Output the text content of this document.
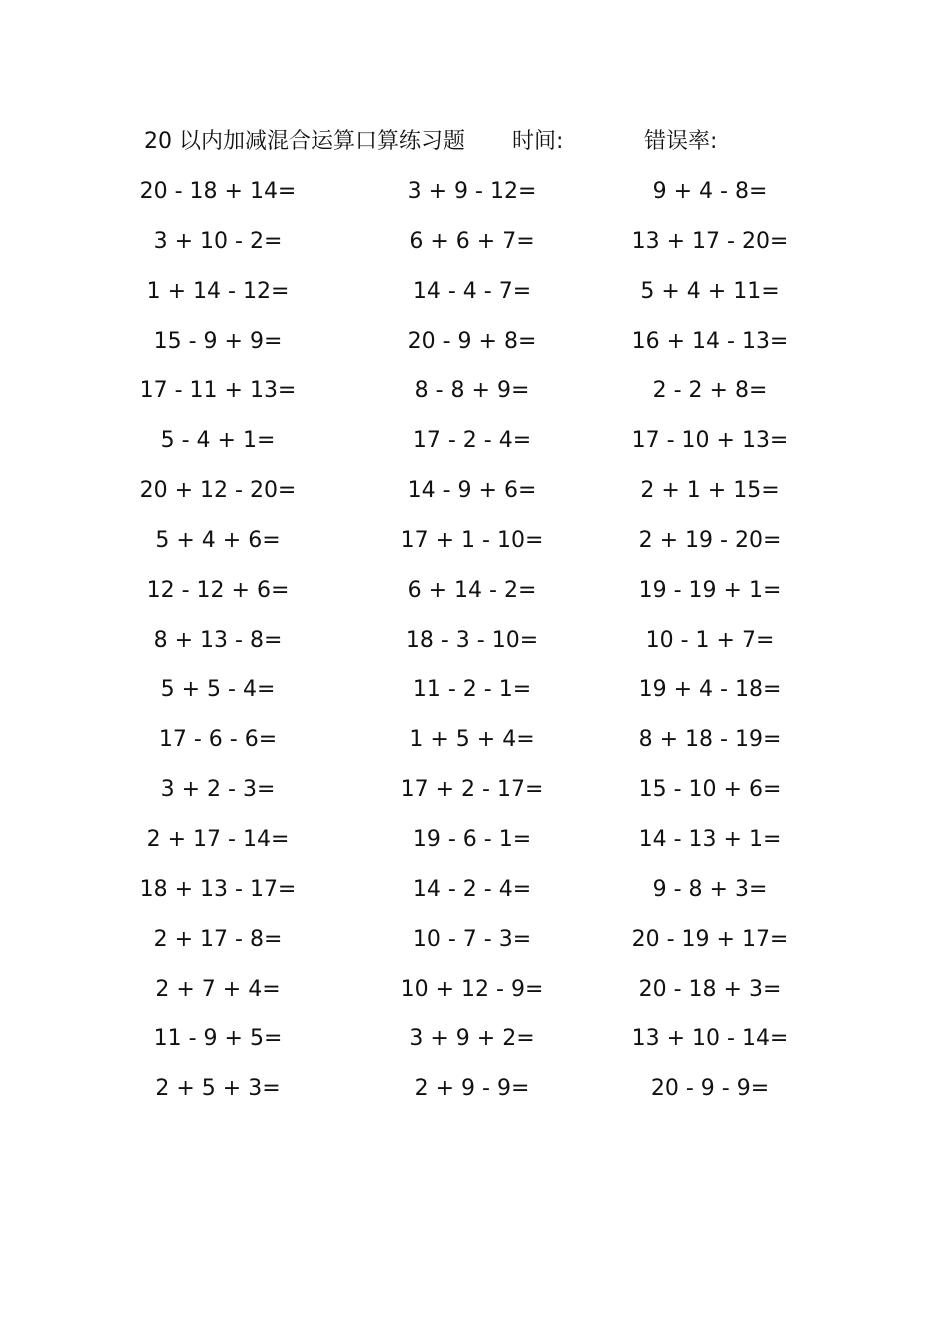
20 以内加减混合运算口算练习题 时间:	错误率:
20 - 18 + 14=	3 + 9 - 12=	9 + 4 - 8=
3 + 10 - 2=	6 + 6 + 7=	13 + 17 - 20=
1 + 14 - 12=	14 - 4 - 7=	5 + 4 + 11=
15 - 9 + 9=	20 - 9 + 8=	16 + 14 - 13=
17 - 11 + 13=	8 - 8 + 9=	2 - 2 + 8=
5 - 4 + 1=	17 - 2 - 4=	17 - 10 + 13=
20 + 12 - 20=	14 - 9 + 6=	2 + 1 + 15=
5 + 4 + 6=	17 + 1 - 10=	2 + 19 - 20=
12 - 12 + 6=	6 + 14 - 2=	19 - 19 + 1=
8 + 13 - 8=	18 - 3 - 10=	10 - 1 + 7=
5 + 5 - 4=	11 - 2 - 1=	19 + 4 - 18=
17 - 6 - 6=	1 + 5 + 4=	8 + 18 - 19=
3 + 2 - 3=	17 + 2 - 17=	15 - 10 + 6=
2 + 17 - 14=	19 - 6 - 1=	14 - 13 + 1=
18 + 13 - 17=	14 - 2 - 4=	9 - 8 + 3=
2 + 17 - 8=	10 - 7 - 3=	20 - 19 + 17=
2 + 7 + 4=	10 + 12 - 9=	20 - 18 + 3=
11 - 9 + 5=	3 + 9 + 2=	13 + 10 - 14=
2 + 5 + 3=	2 + 9 - 9=	20 - 9 - 9=
